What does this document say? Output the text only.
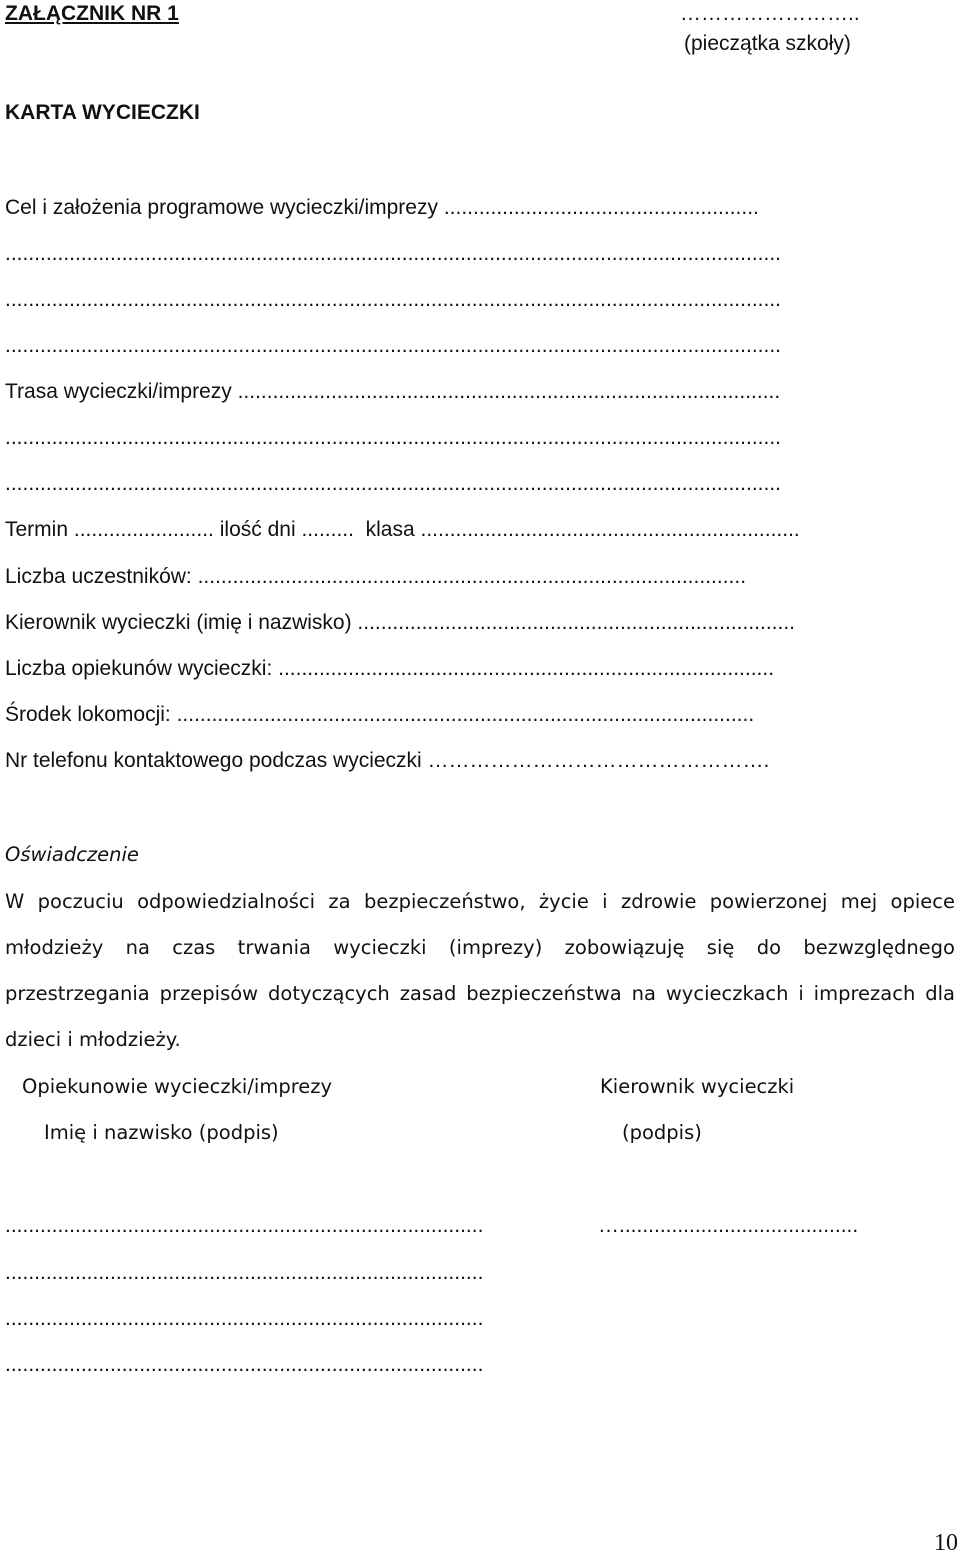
ZAŁĄCZNIK NR 1	……………………..
(pieczątka szkoły)
KARTA WYCIECZKI
Cel i założenia programowe wycieczki/imprezy ......................................................
.....................................................................................................................................
.....................................................................................................................................
.....................................................................................................................................
Trasa wycieczki/imprezy .............................................................................................
.....................................................................................................................................
.....................................................................................................................................
Termin ........................ ilość dni ......... klasa .................................................................
Liczba uczestników: ..............................................................................................
Kierownik wycieczki (imię i nazwisko) ...........................................................................
Liczba opiekunów wycieczki: .....................................................................................
Środek lokomocji: ...................................................................................................
Nr telefonu kontaktowego podczas wycieczki ………………………………………….
Oświadczenie
W poczuciu odpowiedzialności za bezpieczeństwo, życie i zdrowie powierzonej mej opiece
młodzieży na czas trwania wycieczki (imprezy) zobowiązuję się do bezwzględnego
przestrzegania przepisów dotyczących zasad bezpieczeństwa na wycieczkach i imprezach dla
dzieci i młodzieży.
Opiekunowie wycieczki/imprezy	Kierownik wycieczki
Imię i nazwisko (podpis)	(podpis)
..................................................................................	….........................................
..................................................................................
..................................................................................
..................................................................................
10
